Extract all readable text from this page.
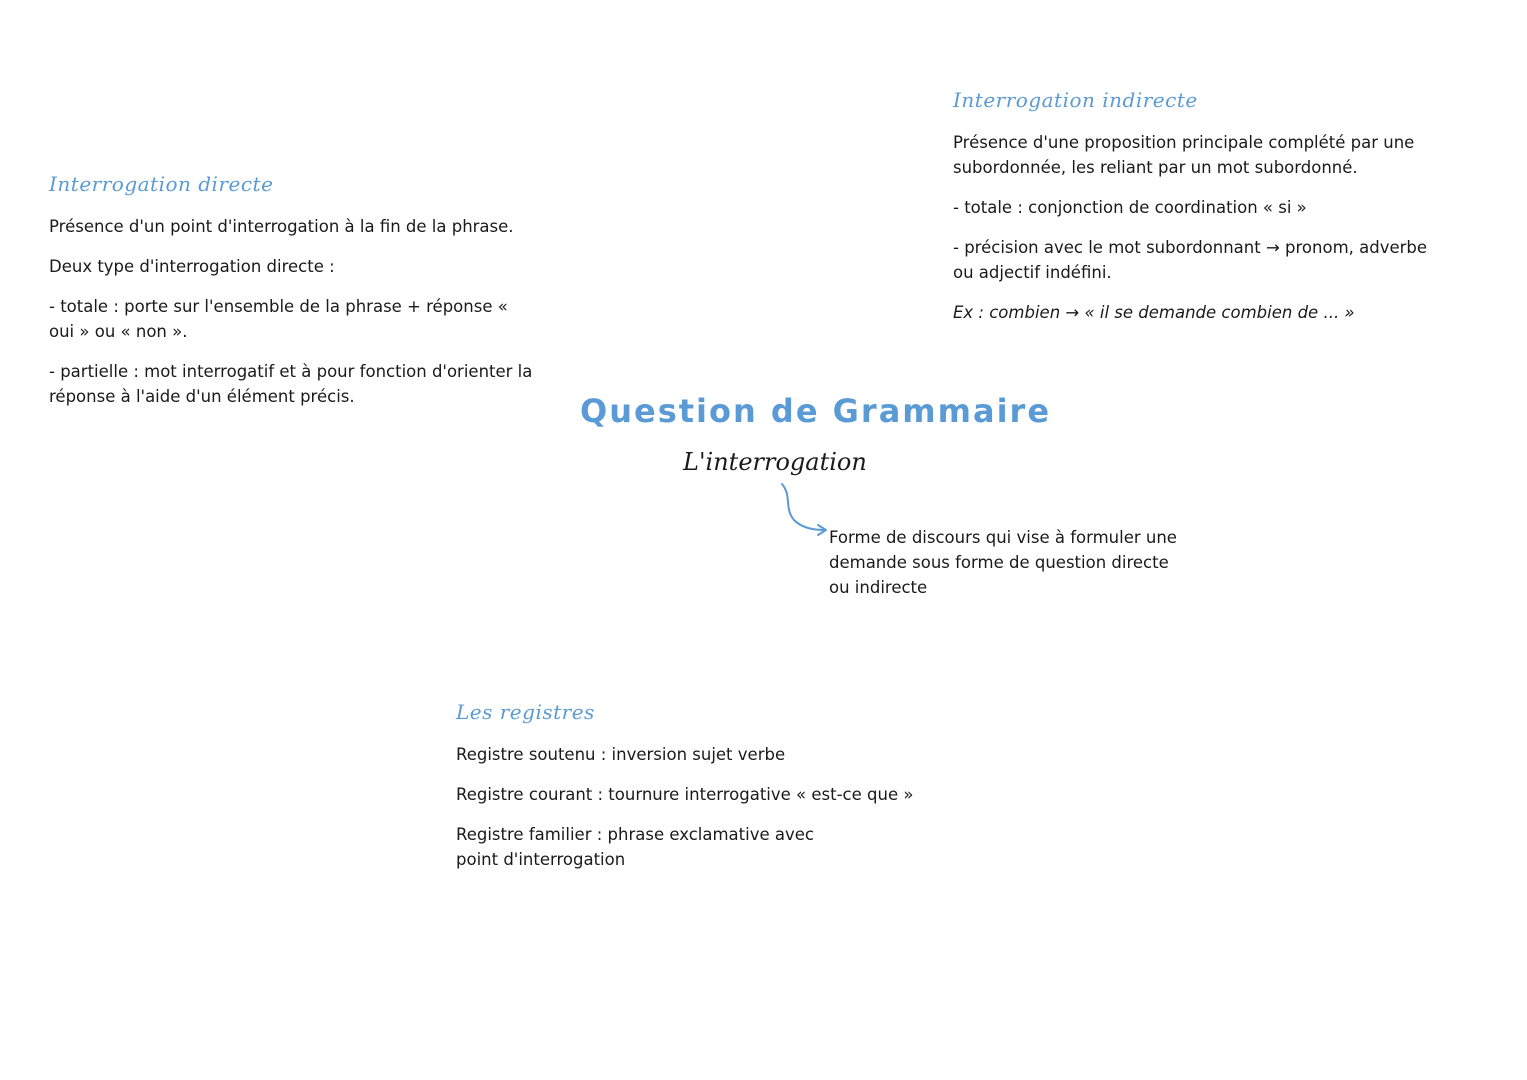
Interrogation indirecte
Présence d'une proposition principale complété par une subordonnée, les reliant par un mot subordonné.
- totale : conjonction de coordination « si »
- précision avec le mot subordonnant → pronom, adverbe ou adjectif indéfini.
Ex : combien → « il se demande combien de ... »
Interrogation directe
Présence d'un point d'interrogation à la fin de la phrase.
Deux type d'interrogation directe :
- totale : porte sur l'ensemble de la phrase + réponse « oui » ou « non ».
- partielle : mot interrogatif et à pour fonction d'orienter la réponse à l'aide d'un élément précis.	Question de Grammaire
L'interrogation
Forme de discours qui vise à formuler une demande sous forme de question directe ou indirecte
Les registres
Registre soutenu : inversion sujet verbe
Registre courant : tournure interrogative « est-ce que »
Registre familier : phrase exclamative avec point d'interrogation
